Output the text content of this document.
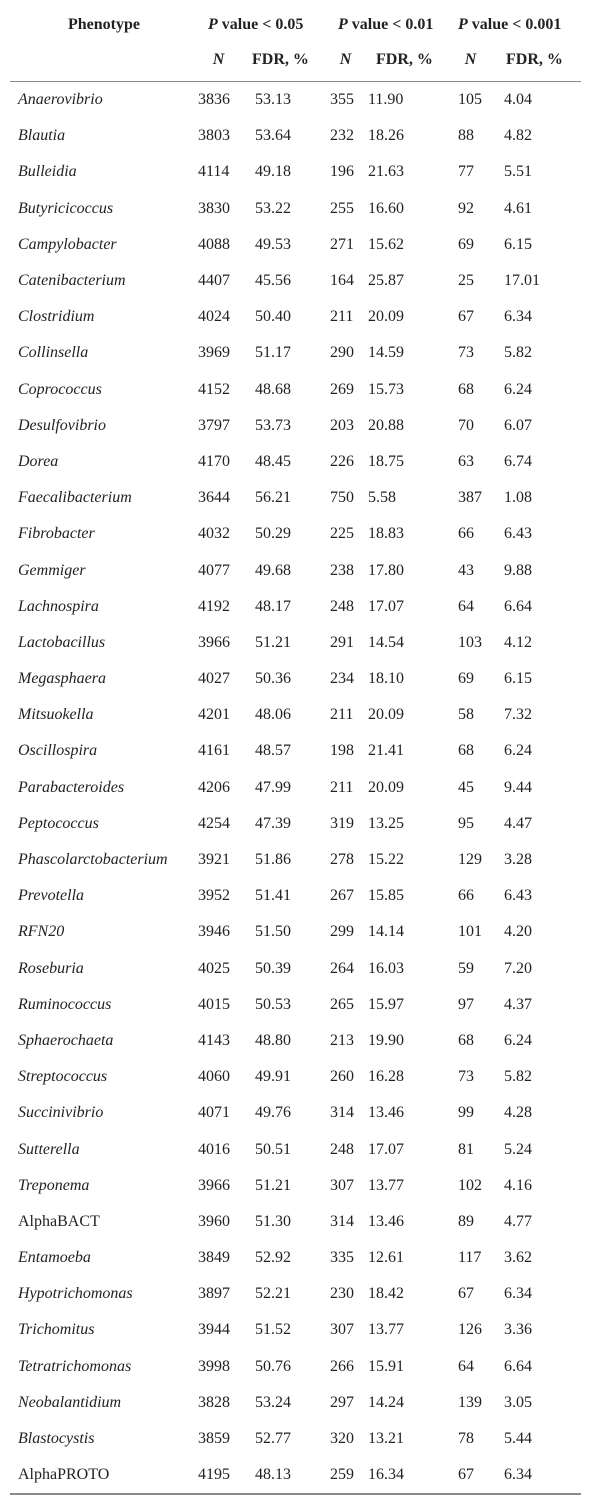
Phenotype	P value < 0.05		P value < 0.01		P value < 0.001	
	N	FDR, %	N	FDR, %	N	FDR, %
Anaerovibrio	3836	53.13	355	11.90	105	4.04
Blautia	3803	53.64	232	18.26	88	4.82
Bulleidia	4114	49.18	196	21.63	77	5.51
Butyricicoccus	3830	53.22	255	16.60	92	4.61
Campylobacter	4088	49.53	271	15.62	69	6.15
Catenibacterium	4407	45.56	164	25.87	25	17.01
Clostridium	4024	50.40	211	20.09	67	6.34
Collinsella	3969	51.17	290	14.59	73	5.82
Coprococcus	4152	48.68	269	15.73	68	6.24
Desulfovibrio	3797	53.73	203	20.88	70	6.07
Dorea	4170	48.45	226	18.75	63	6.74
Faecalibacterium	3644	56.21	750	5.58	387	1.08
Fibrobacter	4032	50.29	225	18.83	66	6.43
Gemmiger	4077	49.68	238	17.80	43	9.88
Lachnospira	4192	48.17	248	17.07	64	6.64
Lactobacillus	3966	51.21	291	14.54	103	4.12
Megasphaera	4027	50.36	234	18.10	69	6.15
Mitsuokella	4201	48.06	211	20.09	58	7.32
Oscillospira	4161	48.57	198	21.41	68	6.24
Parabacteroides	4206	47.99	211	20.09	45	9.44
Peptococcus	4254	47.39	319	13.25	95	4.47
Phascolarctobacterium	3921	51.86	278	15.22	129	3.28
Prevotella	3952	51.41	267	15.85	66	6.43
RFN20	3946	51.50	299	14.14	101	4.20
Roseburia	4025	50.39	264	16.03	59	7.20
Ruminococcus	4015	50.53	265	15.97	97	4.37
Sphaerochaeta	4143	48.80	213	19.90	68	6.24
Streptococcus	4060	49.91	260	16.28	73	5.82
Succinivibrio	4071	49.76	314	13.46	99	4.28
Sutterella	4016	50.51	248	17.07	81	5.24
Treponema	3966	51.21	307	13.77	102	4.16
AlphaBACT	3960	51.30	314	13.46	89	4.77
Entamoeba	3849	52.92	335	12.61	117	3.62
Hypotrichomonas	3897	52.21	230	18.42	67	6.34
Trichomitus	3944	51.52	307	13.77	126	3.36
Tetratrichomonas	3998	50.76	266	15.91	64	6.64
Neobalantidium	3828	53.24	297	14.24	139	3.05
Blastocystis	3859	52.77	320	13.21	78	5.44
AlphaPROTO	4195	48.13	259	16.34	67	6.34
